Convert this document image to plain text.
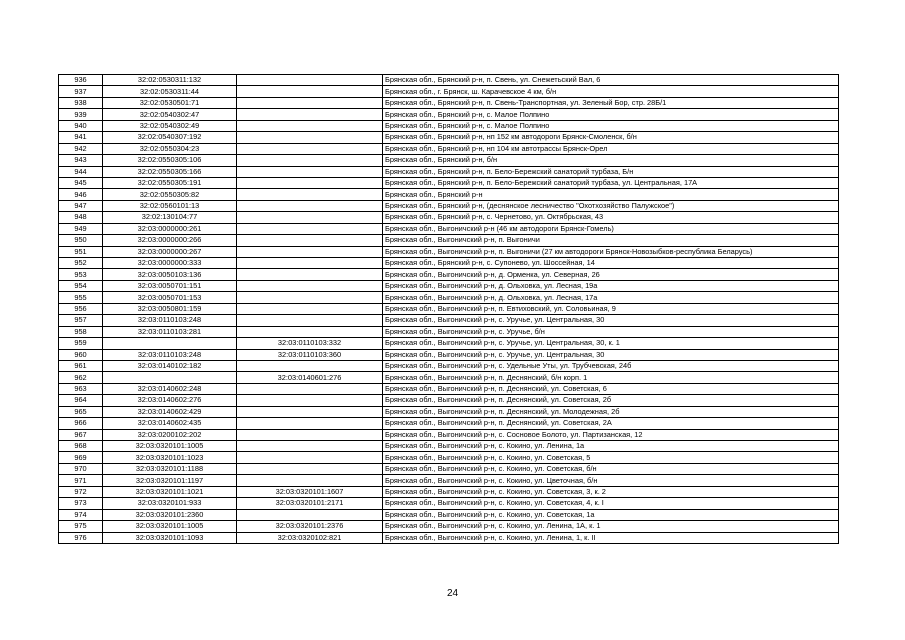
936	32:02:0530311:132		Брянская обл., Брянский р-н, п. Свень, ул. Снежетьский Вал, 6
937	32:02:0530311:44		Брянская обл., г. Брянск, ш. Карачевское 4 км, б/н
938	32:02:0530501:71		Брянская обл., Брянский р-н, п. Свень-Транспортная, ул. Зеленый Бор, стр. 28Б/1
939	32:02:0540302:47		Брянская обл., Брянский р-н, с. Малое Полпино
940	32:02:0540302:49		Брянская обл., Брянский р-н, с. Малое Полпино
941	32:02:0540307:192		Брянская обл., Брянский р-н, нп 152 км автодороги Брянск-Смоленск, б/н
942	32:02:0550304:23		Брянская обл., Брянский р-н, нп 104 км автотрассы Брянск-Орел
943	32:02:0550305:106		Брянская обл., Брянский р-н, б/н
944	32:02:0550305:166		Брянская обл., Брянский р-н, п. Бело-Бережский санаторий турбаза, Б/н
945	32:02:0550305:191		Брянская обл., Брянский р-н, п. Бело-Бережский санаторий турбаза, ул. Центральная, 17А
946	32:02:0550305:82		Брянская обл., Брянский р-н
947	32:02:0560101:13		Брянская обл., Брянский р-н, (деснянское лесничество "Охотхозяйство Палужское")
948	32:02:130104:77		Брянская обл., Брянский р-н, с. Чернетово, ул. Октябрьская, 43
949	32:03:0000000:261		Брянская обл., Выгоничский р-н (46 км автодороги Брянск-Гомель)
950	32:03:0000000:266		Брянская обл., Выгоничский р-н, п. Выгоничи
951	32:03:0000000:267		Брянская обл., Выгоничский р-н, п. Выгоничи (27 км автодороги Брянск-Новозыбков-республика Беларусь)
952	32:03:0000000:333		Брянская обл., Брянский р-н, с. Супонево, ул. Шоссейная, 14
953	32:03:0050103:136		Брянская обл., Выгоничский р-н, д. Орменка, ул. Северная, 26
954	32:03:0050701:151		Брянская обл., Выгоничский р-н, д. Ольховка, ул. Лесная, 19а
955	32:03:0050701:153		Брянская обл., Выгоничский р-н, д. Ольховка, ул. Лесная, 17а
956	32:03:0050801:159		Брянская обл., Выгоничский р-н, п. Евтиховский, ул. Соловьиная, 9
957	32:03:0110103:248		Брянская обл., Выгоничский р-н, с. Уручье, ул. Центральная, 30
958	32:03:0110103:281		Брянская обл., Выгоничский р-н, с. Уручье, б/н
959		32:03:0110103:332	Брянская обл., Выгоничский р-н, с. Уручье, ул. Центральная, 30, к. 1
960	32:03:0110103:248	32:03:0110103:360	Брянская обл., Выгоничский р-н, с. Уручье, ул. Центральная, 30
961	32:03:0140102:182		Брянская обл., Выгоничский р-н, с. Удельные Уты, ул. Трубчевская, 24б
962		32:03:0140601:276	Брянская обл., Выгоничский р-н, п. Деснянский, б/н корп. 1
963	32:03:0140602:248		Брянская обл., Выгоничский р-н, п. Деснянский, ул. Советская, 6
964	32:03:0140602:276		Брянская обл., Выгоничский р-н, п. Деснянский, ул. Советская, 2б
965	32:03:0140602:429		Брянская обл., Выгоничский р-н, п. Деснянский, ул. Молодежная, 2б
966	32:03:0140602:435		Брянская обл., Выгоничский р-н, п. Деснянский, ул. Советская, 2А
967	32:03:0200102:202		Брянская обл., Выгоничский р-н, с. Сосновое Болото, ул. Партизанская, 12
968	32:03:0320101:1005		Брянская обл., Выгоничский р-н, с. Кокино, ул. Ленина, 1а
969	32:03:0320101:1023		Брянская обл., Выгоничский р-н, с. Кокино, ул. Советская, 5
970	32:03:0320101:1188		Брянская обл., Выгоничский р-н, с. Кокино, ул. Советская, б/н
971	32:03:0320101:1197		Брянская обл., Выгоничский р-н, с. Кокино, ул. Цветочная, б/н
972	32:03:0320101:1021	32:03:0320101:1607	Брянская обл., Выгоничский р-н, с. Кокино, ул. Советская, 3, к. 2
973	32:03:0320101:933	32:03:0320101:2171	Брянская обл., Выгоничский р-н, с. Кокино, ул. Советская, 4, к. I
974	32:03:0320101:2360		Брянская обл., Выгоничский р-н, с. Кокино, ул. Советская, 1а
975	32:03:0320101:1005	32:03:0320101:2376	Брянская обл., Выгоничский р-н, с. Кокино, ул. Ленина, 1А, к. 1
976	32:03:0320101:1093	32:03:0320102:821	Брянская обл., Выгоничский р-н, с. Кокино, ул. Ленина, 1, к. II
24
